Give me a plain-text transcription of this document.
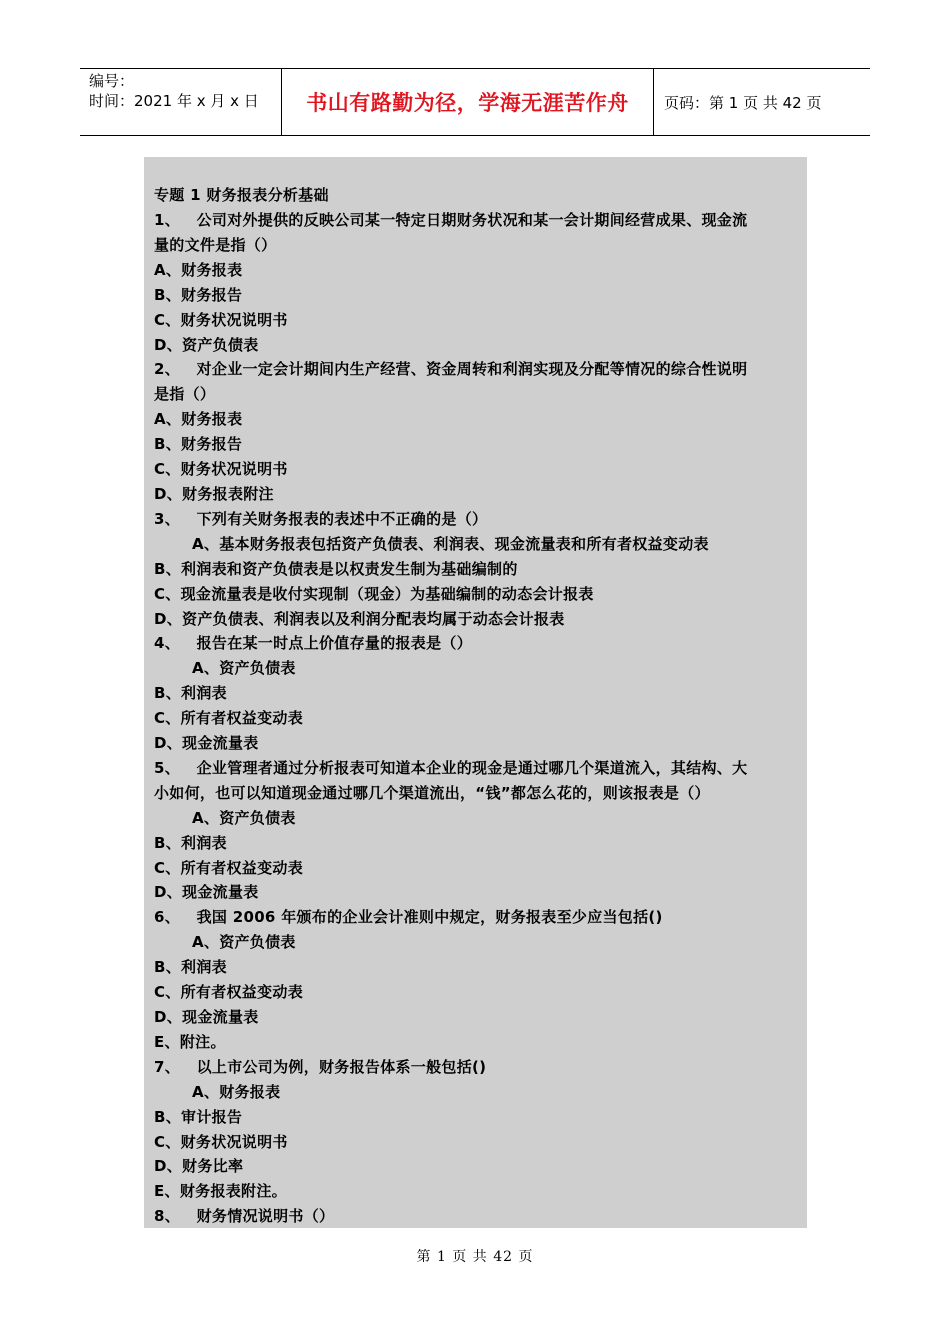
编号：
时间：2021 年 x 月 x 日	书山有路勤为径，学海无涯苦作舟 页码：第 1 页 共 42 页
专题 1 财务报表分析基础
1、   公司对外提供的反映公司某一特定日期财务状况和某一会计期间经营成果、现金流
量的文件是指（）
A、财务报表
B、财务报告
C、财务状况说明书
D、资产负债表
2、   对企业一定会计期间内生产经营、资金周转和利润实现及分配等情况的综合性说明
是指（）
A、财务报表
B、财务报告
C、财务状况说明书
D、财务报表附注
3、   下列有关财务报表的表述中不正确的是（）
A、基本财务报表包括资产负债表、利润表、现金流量表和所有者权益变动表
B、利润表和资产负债表是以权责发生制为基础编制的
C、现金流量表是收付实现制（现金）为基础编制的动态会计报表
D、资产负债表、利润表以及利润分配表均属于动态会计报表
4、   报告在某一时点上价值存量的报表是（）
A、资产负债表
B、利润表
C、所有者权益变动表
D、现金流量表
5、   企业管理者通过分析报表可知道本企业的现金是通过哪几个渠道流入，其结构、大
小如何，也可以知道现金通过哪几个渠道流出，“钱”都怎么花的，则该报表是（）
A、资产负债表
B、利润表
C、所有者权益变动表
D、现金流量表
6、   我国 2006 年颁布的企业会计准则中规定，财务报表至少应当包括()
A、资产负债表
B、利润表
C、所有者权益变动表
D、现金流量表
E、附注。
7、   以上市公司为例，财务报告体系一般包括()
A、财务报表
B、审计报告
C、财务状况说明书
D、财务比率
E、财务报表附注。
8、   财务情况说明书（）
第 1 页 共 42 页
